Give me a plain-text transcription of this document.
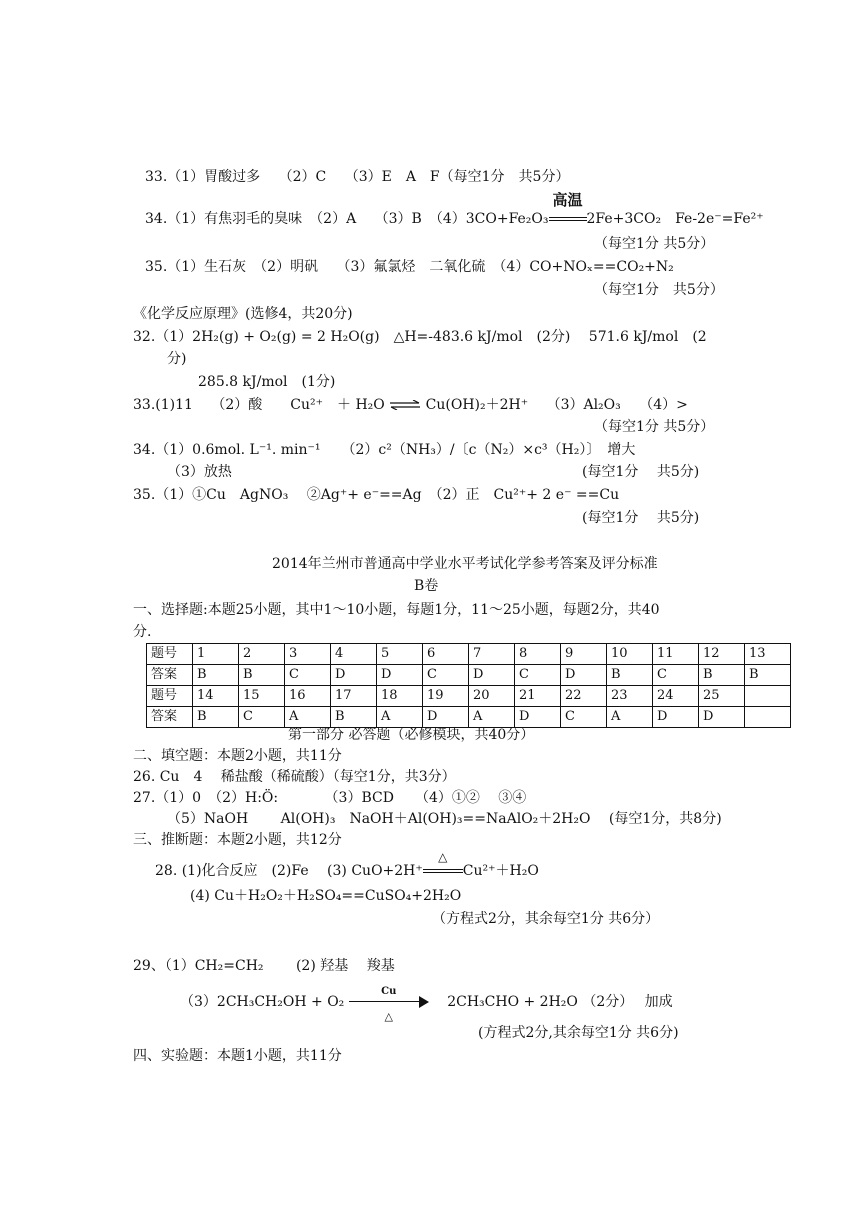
33.（1）胃酸过多　 （2）C　 （3）E　A　F（每空1分　共5分）
34.（1）有焦羽毛的臭味　（2）A　 （3）B　（4）3CO+Fe₂O₃
高温
2Fe+3CO₂　Fe-2e⁻=Fe²⁺
（每空1分 共5分）
35.（1）生石灰　（2）明矾　 （3）氟氯烃　二氧化硫　（4）CO+NOₓ==CO₂+N₂
（每空1分　共5分）
《化学反应原理》(选修4，共20分)
32.（1）2H₂(g) + O₂(g) = 2 H₂O(g)　△H=-483.6 kJ/mol　(2分)　 571.6 kJ/mol　(2
分)
285.8 kJ/mol　(1分)
33.(1)11　 （2）酸　　Cu²⁺　＋ H₂O ⇌ Cu(OH)₂＋2H⁺　 （3）Al₂O₃　 （4）>
（每空1分 共5分）
34.（1）0.6mol. L⁻¹. min⁻¹　　（2）c²（NH₃）/〔c（N₂）×c³（H₂）〕　增大
（3）放热	(每空1分　 共5分)
35.（1）①Cu　AgNO₃　 ②Ag⁺+ e⁻==Ag　（2）正　Cu²⁺+ 2 e⁻ ==Cu
(每空1分　 共5分)
2014年兰州市普通高中学业水平考试化学参考答案及评分标准
B卷
一、选择题:本题25小题，其中1～10小题，每题1分，11～25小题，每题2分，共40
分.
题号	1	2	3	4	5	6	7	8	9	10	11	12	13
答案	B	B	C	D	D	C	D	C	D	B	C	B	B
题号	14	15	16	17	18	19	20	21	22	23	24	25	
答案	B	C	A	B	A	D	A	D	C	A	D	D	
第一部分 必答题（必修模块，共40分）
二、填空题：本题2小题，共11分
26. Cu　4　 稀盐酸（稀硫酸）（每空1分，共3分）
27.（1）0　（2）H:Ö:　　　 （3）BCD　　（4）①②　 ③④
（5）NaOH　　 Al(OH)₃　NaOH＋Al(OH)₃==NaAlO₂＋2H₂O　 (每空1分，共8分)
三、推断题：本题2小题，共12分
28. (1)化合反应　(2)Fe　 (3) CuO+2H⁺
△
Cu²⁺＋H₂O
(4) Cu＋H₂O₂＋H₂SO₄==CuSO₄+2H₂O
（方程式2分，其余每空1分 共6分）
29、（1）CH₂=CH₂　　 (2) 羟基　 羧基
（3）2CH₃CH₂OH + O₂
Cu
△
2CH₃CHO + 2H₂O （2分）　 加成
(方程式2分,其余每空1分 共6分)
四、实验题：本题1小题，共11分
